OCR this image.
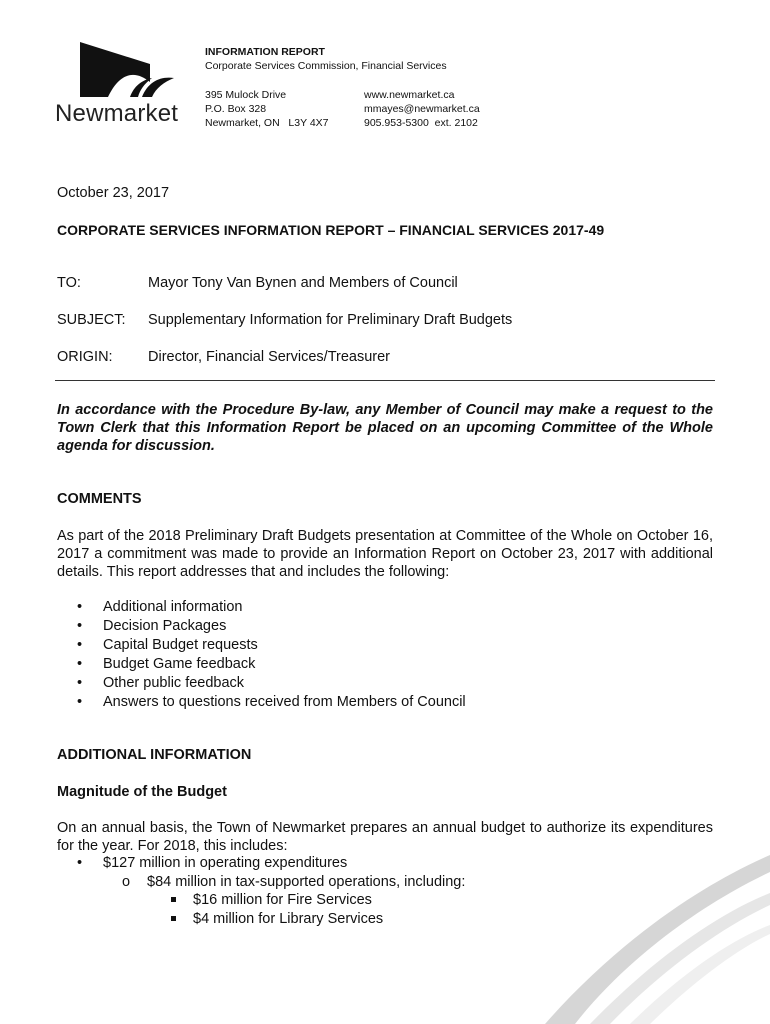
Newmarket
INFORMATION REPORT
Corporate Services Commission, Financial Services
395 Mulock Drive
P.O. Box 328
Newmarket, ON   L3Y 4X7
www.newmarket.ca
mmayes@newmarket.ca
905.953-5300  ext. 2102
October 23, 2017
CORPORATE SERVICES INFORMATION REPORT – FINANCIAL SERVICES 2017-49
TO:	Mayor Tony Van Bynen and Members of Council
SUBJECT: Supplementary Information for Preliminary Draft Budgets
ORIGIN: Director, Financial Services/Treasurer
In accordance with the Procedure By-law, any Member of Council may make a request to the Town Clerk that this Information Report be placed on an upcoming Committee of the Whole agenda for discussion.
COMMENTS
As part of the 2018 Preliminary Draft Budgets presentation at Committee of the Whole on October 16, 2017 a commitment was made to provide an Information Report on October 23, 2017 with additional details. This report addresses that and includes the following:
• Additional information
• Decision Packages
• Capital Budget requests
• Budget Game feedback
• Other public feedback
• Answers to questions received from Members of Council
ADDITIONAL INFORMATION
Magnitude of the Budget
On an annual basis, the Town of Newmarket prepares an annual budget to authorize its expenditures for the year. For 2018, this includes:
• $127 million in operating expenditures
o $84 million in tax-supported operations, including:
$16 million for Fire Services
$4 million for Library Services
